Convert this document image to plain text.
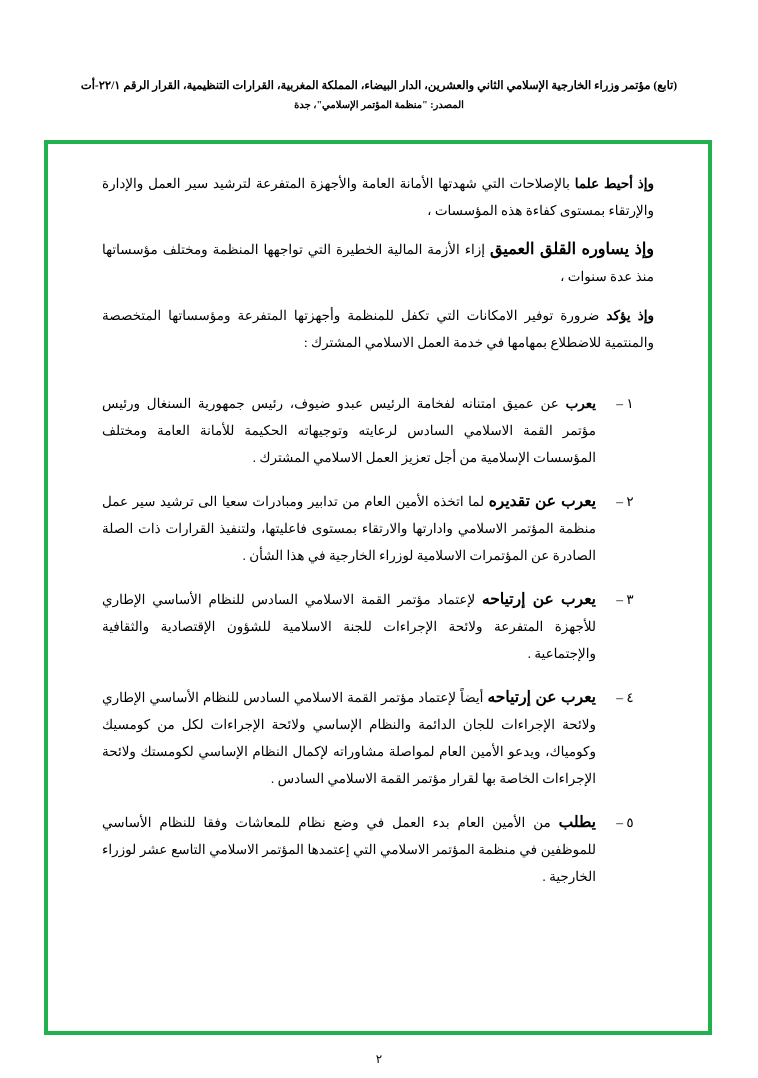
(تابع) مؤتمر وزراء الخارجية الإسلامي الثاني والعشرين، الدار البيضاء، المملكة المغربية، القرارات التنظيمية، القرار الرقم ٢٢/١-أت
المصدر: "منظمة المؤتمر الإسلامي"، جدة
وإذ أحيط علما بالإصلاحات التي شهدتها الأمانة العامة والأجهزة المتفرعة لترشيد سير العمل والإدارة والإرتقاء بمستوى كفاءة هذه المؤسسات ،
وإذ يساوره القلق العميق إزاء الأزمة المالية الخطيرة التي تواجهها المنظمة ومختلف مؤسساتها منذ عدة سنوات ،
وإذ يؤكد ضرورة توفير الامكانات التي تكفل للمنظمة وأجهزتها المتفرعة ومؤسساتها المتخصصة والمنتمية للاضطلاع بمهامها في خدمة العمل الاسلامي المشترك :
١ –
يعرب عن عميق امتنانه لفخامة الرئيس عبدو ضيوف، رئيس جمهورية السنغال ورئيس مؤتمر القمة الاسلامي السادس لرعايته وتوجيهاته الحكيمة للأمانة العامة ومختلف المؤسسات الإسلامية من أجل تعزيز العمل الاسلامي المشترك .
٢ –
يعرب عن تقديره لما اتخذه الأمين العام من تدابير ومبادرات سعيا الى ترشيد سير عمل منظمة المؤتمر الاسلامي وادارتها والارتقاء بمستوى فاعليتها، ولتنفيذ القرارات ذات الصلة الصادرة عن المؤتمرات الاسلامية لوزراء الخارجية في هذا الشأن .
٣ –
يعرب عن إرتياحه لإعتماد مؤتمر القمة الاسلامي السادس للنظام الأساسي الإطاري للأجهزة المتفرعة ولائحة الإجراءات للجنة الاسلامية للشؤون الإقتصادية والثقافية والإجتماعية .
٤ –
يعرب عن إرتياحه أيضاً لإعتماد مؤتمر القمة الاسلامي السادس للنظام الأساسي الإطاري ولائحة الإجراءات للجان الدائمة والنظام الإساسي ولائحة الإجراءات لكل من كومسيك وكومياك، ويدعو الأمين العام لمواصلة مشاوراته لإكمال النظام الإساسي لكومستك ولائحة الإجراءات الخاصة بها لقرار مؤتمر القمة الاسلامي السادس .
٥ –
يطلب من الأمين العام بدء العمل في وضع نظام للمعاشات وفقا للنظام الأساسي للموظفين في منظمة المؤتمر الاسلامي التي إعتمدها المؤتمر الاسلامي التاسع عشر لوزراء الخارجية .
٢
